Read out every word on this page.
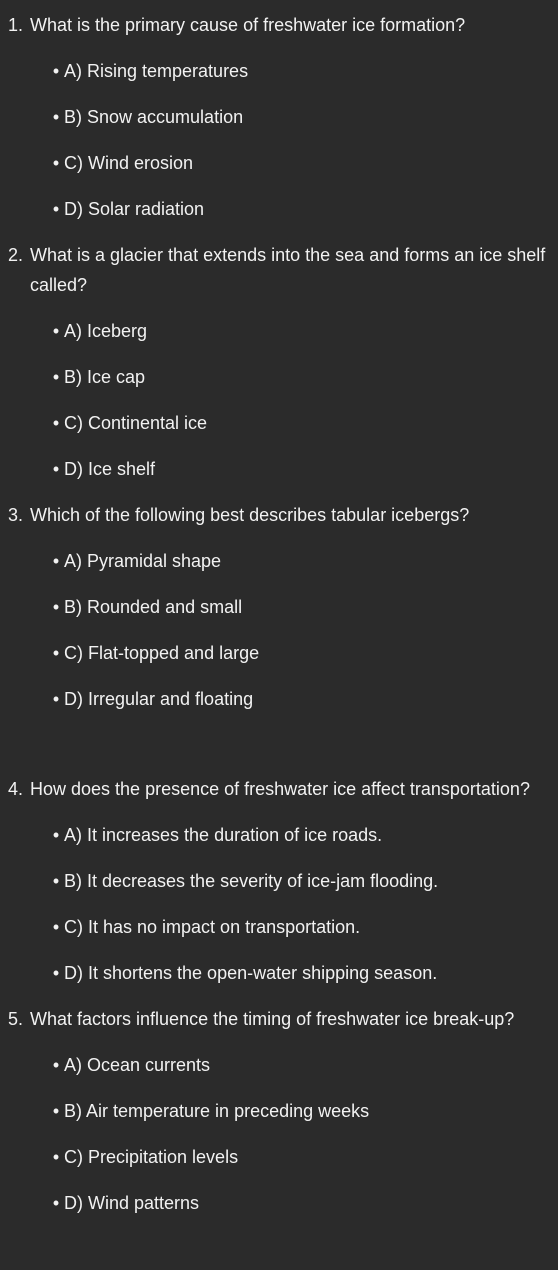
1. What is the primary cause of freshwater ice formation?

• A) Rising temperatures
• B) Snow accumulation
• C) Wind erosion
• D) Solar radiation

2. What is a glacier that extends into the sea and forms an ice shelf called?

• A) Iceberg
• B) Ice cap
• C) Continental ice
• D) Ice shelf

3. Which of the following best describes tabular icebergs?

• A) Pyramidal shape
• B) Rounded and small
• C) Flat-topped and large
• D) Irregular and floating

4. How does the presence of freshwater ice affect transportation?

• A) It increases the duration of ice roads.
• B) It decreases the severity of ice-jam flooding.
• C) It has no impact on transportation.
• D) It shortens the open-water shipping season.

5. What factors influence the timing of freshwater ice break-up?

• A) Ocean currents
• B) Air temperature in preceding weeks
• C) Precipitation levels
• D) Wind patterns
